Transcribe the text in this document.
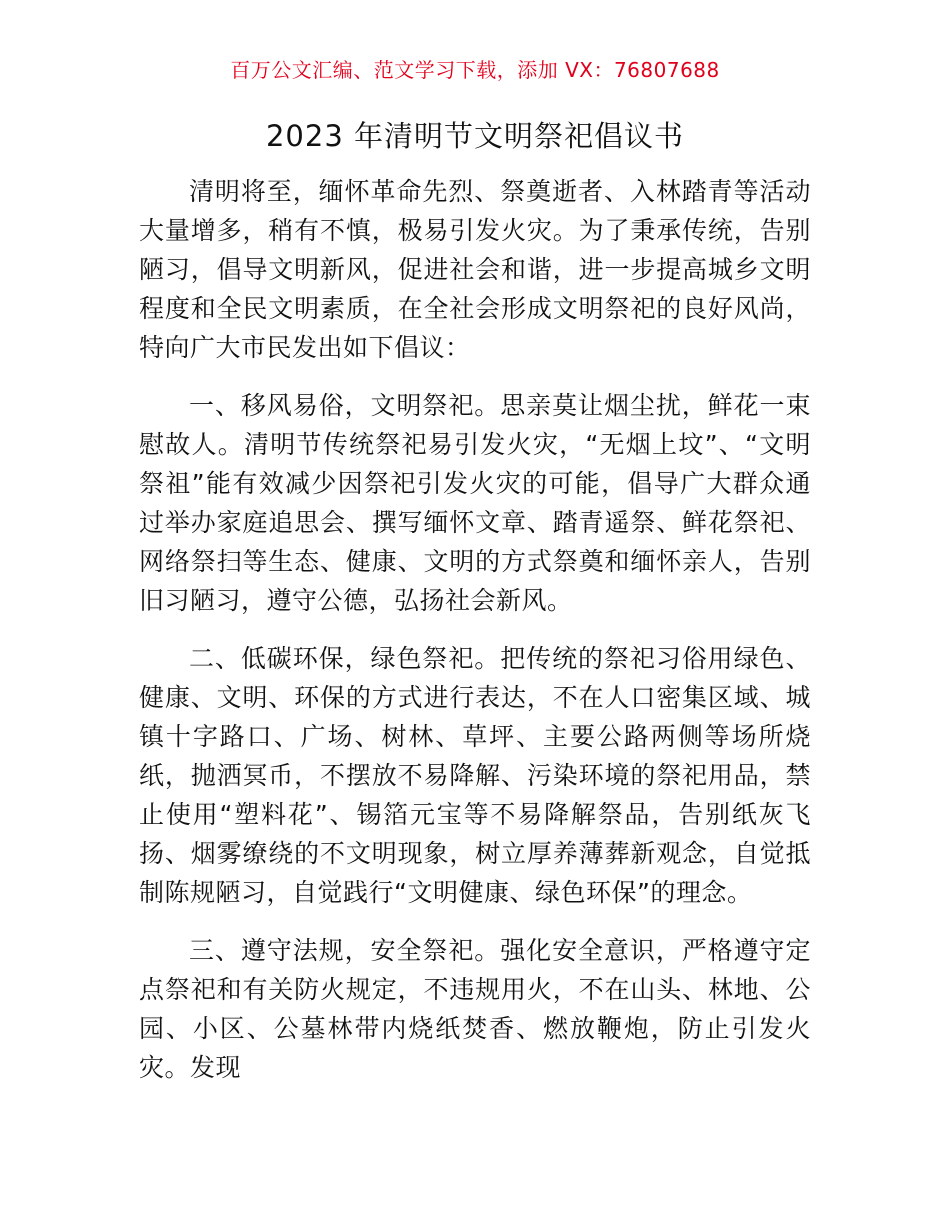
百万公文汇编、范文学习下载，添加 VX：76807688
2023 年清明节文明祭祀倡议书

清明将至，缅怀革命先烈、祭奠逝者、入林踏青等活动大量增多，稍有不慎，极易引发火灾。为了秉承传统，告别陋习，倡导文明新风，促进社会和谐，进一步提高城乡文明程度和全民文明素质，在全社会形成文明祭祀的良好风尚，特向广大市民发出如下倡议：

一、移风易俗，文明祭祀。思亲莫让烟尘扰，鲜花一束慰故人。清明节传统祭祀易引发火灾，“无烟上坟”、“文明祭祖”能有效减少因祭祀引发火灾的可能，倡导广大群众通过举办家庭追思会、撰写缅怀文章、踏青遥祭、鲜花祭祀、网络祭扫等生态、健康、文明的方式祭奠和缅怀亲人，告别旧习陋习，遵守公德，弘扬社会新风。

二、低碳环保，绿色祭祀。把传统的祭祀习俗用绿色、健康、文明、环保的方式进行表达，不在人口密集区域、城镇十字路口、广场、树林、草坪、主要公路两侧等场所烧纸，抛洒冥币，不摆放不易降解、污染环境的祭祀用品，禁止使用“塑料花”、锡箔元宝等不易降解祭品，告别纸灰飞扬、烟雾缭绕的不文明现象，树立厚养薄葬新观念，自觉抵制陈规陋习，自觉践行“文明健康、绿色环保”的理念。

三、遵守法规，安全祭祀。强化安全意识，严格遵守定点祭祀和有关防火规定，不违规用火，不在山头、林地、公园、小区、公墓林带内烧纸焚香、燃放鞭炮，防止引发火灾。发现
